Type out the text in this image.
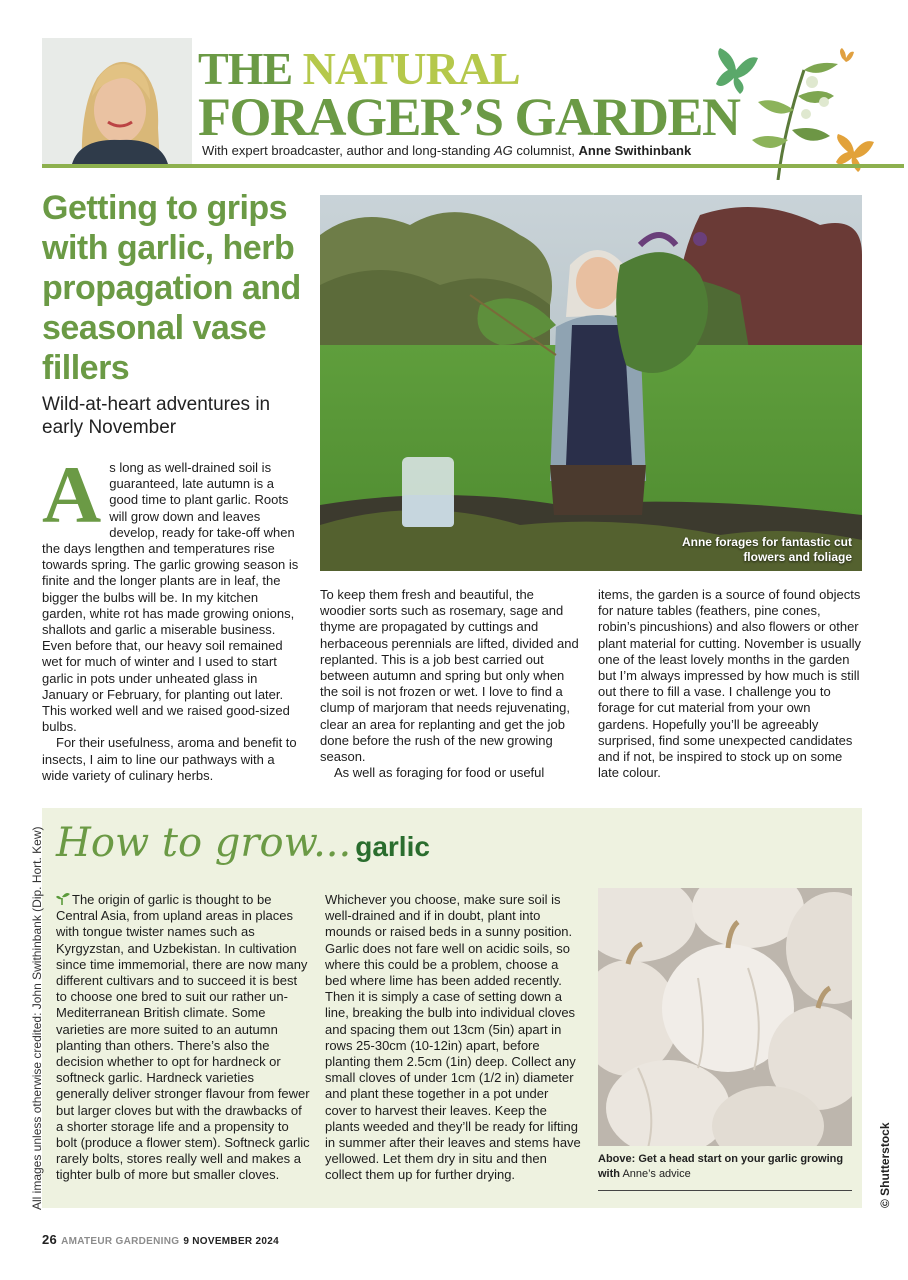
THE NATURAL
FORAGER’S GARDEN
With expert broadcaster, author and long-standing AG columnist, Anne Swithinbank
Getting to grips with garlic, herb propagation and seasonal vase fillers

Wild-at-heart adventures in early November

Anne forages for fantastic cut flowers and foliage
A s long as well-drained soil is guaranteed, late autumn is a good time to plant garlic. Roots will grow down and leaves develop, ready for take-off when the days lengthen and temperatures rise towards spring. The garlic growing season is finite and the longer plants are in leaf, the bigger the bulbs will be. In my kitchen garden, white rot has made growing onions, shallots and garlic a miserable business. Even before that, our heavy soil remained wet for much of winter and I used to start garlic in pots under unheated glass in January or February, for planting out later. This worked well and we raised good-sized bulbs.

For their usefulness, aroma and benefit to insects, I aim to line our pathways with a wide variety of culinary herbs.

To keep them fresh and beautiful, the woodier sorts such as rosemary, sage and thyme are propagated by cuttings and herbaceous perennials are lifted, divided and replanted. This is a job best carried out between autumn and spring but only when the soil is not frozen or wet. I love to find a clump of marjoram that needs rejuvenating, clear an area for replanting and get the job done before the rush of the new growing season.

As well as foraging for food or useful

items, the garden is a source of found objects for nature tables (feathers, pine cones, robin’s pincushions) and also flowers or other plant material for cutting. November is usually one of the least lovely months in the garden but I’m always impressed by how much is still out there to fill a vase. I challenge you to forage for cut material from your own gardens. Hopefully you’ll be agreeably surprised, find some unexpected candidates and if not, be inspired to stock up on some late colour.

How to grow... garlic

The origin of garlic is thought to be Central Asia, from upland areas in places with tongue twister names such as Kyrgyzstan, and Uzbekistan. In cultivation since time immemorial, there are now many different cultivars and to succeed it is best to choose one bred to suit our rather un-Mediterranean British climate. Some varieties are more suited to an autumn planting than others. There’s also the decision whether to opt for hardneck or softneck garlic. Hardneck varieties generally deliver stronger flavour from fewer but larger cloves but with the drawbacks of a shorter storage life and a propensity to bolt (produce a flower stem). Softneck garlic rarely bolts, stores really well and makes a tighter bulb of more but smaller cloves.

Whichever you choose, make sure soil is well-drained and if in doubt, plant into mounds or raised beds in a sunny position. Garlic does not fare well on acidic soils, so where this could be a problem, choose a bed where lime has been added recently. Then it is simply a case of setting down a line, breaking the bulb into individual cloves and spacing them out 13cm (5in) apart in rows 25-30cm (10-12in) apart, before planting them 2.5cm (1in) deep. Collect any small cloves of under 1cm (1/2 in) diameter and plant these together in a pot under cover to harvest their leaves. Keep the plants weeded and they’ll be ready for lifting in summer after their leaves and stems have yellowed. Let them dry in situ and then collect them up for further drying.

Above: Get a head start on your garlic growing with Anne’s advice
All images unless otherwise credited: John Swithinbank (Dip. Hort. Kew)	© Shutterstock
26 AMATEUR GARDENING 9 NOVEMBER 2024
